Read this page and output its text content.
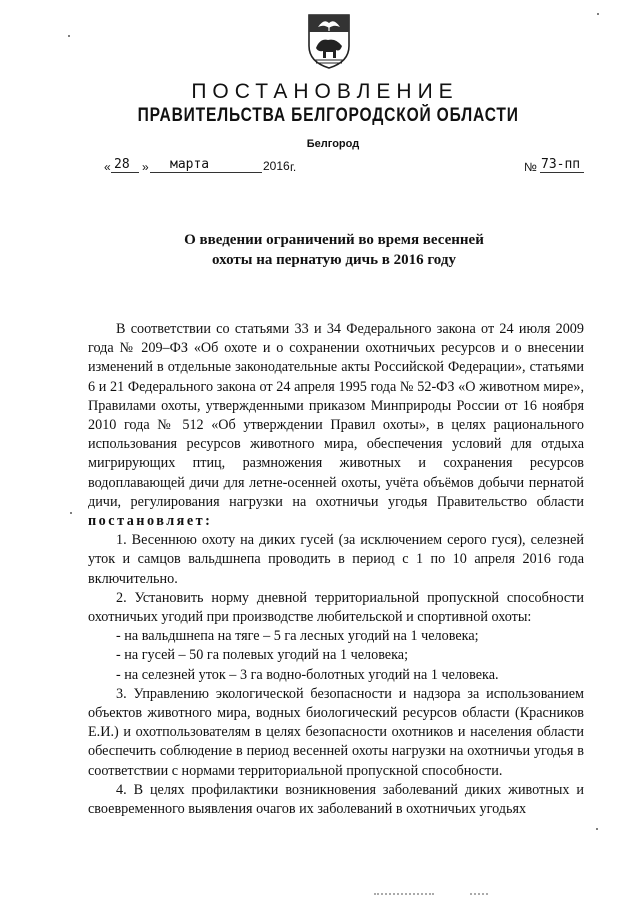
ПОСТАНОВЛЕНИЕ
ПРАВИТЕЛЬСТВА БЕЛГОРОДСКОЙ ОБЛАСТИ
Белгород
« 28 » марта	2016 г.	№ 73-пп
О введении ограничений во время весенней
охоты на пернатую дичь в 2016 году

В соответствии со статьями 33 и 34 Федерального закона от 24 июля 2009 года № 209–ФЗ «Об охоте и о сохранении охотничьих ресурсов и о внесении изменений в отдельные законодательные акты Российской Федерации», статьями 6 и 21 Федерального закона от 24 апреля 1995 года № 52-ФЗ «О животном мире», Правилами охоты, утвержденными приказом Минприроды России от 16 ноября 2010 года № 512 «Об утверждении Правил охоты», в целях рационального использования ресурсов животного мира, обеспечения условий для отдыха мигрирующих птиц, размножения животных и сохранения ресурсов водоплавающей дичи для летне-осенней охоты, учёта объёмов добычи пернатой дичи, регулирования нагрузки на охотничьи угодья Правительство области постановляет:

1. Весеннюю охоту на диких гусей (за исключением серого гуся), селезней уток и самцов вальдшнепа проводить в период с 1 по 10 апреля 2016 года включительно.

2. Установить норму дневной территориальной пропускной способности охотничьих угодий при производстве любительской и спортивной охоты:

- на вальдшнепа на тяге – 5 га лесных угодий на 1 человека;

- на гусей – 50 га полевых угодий на 1 человека;

- на селезней уток – 3 га водно-болотных угодий на 1 человека.

3. Управлению экологической безопасности и надзора за использованием объектов животного мира, водных биологический ресурсов области (Красников Е.И.) и охотпользователям в целях безопасности охотников и населения области обеспечить соблюдение в период весенней охоты нагрузки на охотничьи угодья в соответствии с нормами территориальной пропускной способности.

4. В целях профилактики возникновения заболеваний диких животных и своевременного выявления очагов их заболеваний в охотничьих угодьях
